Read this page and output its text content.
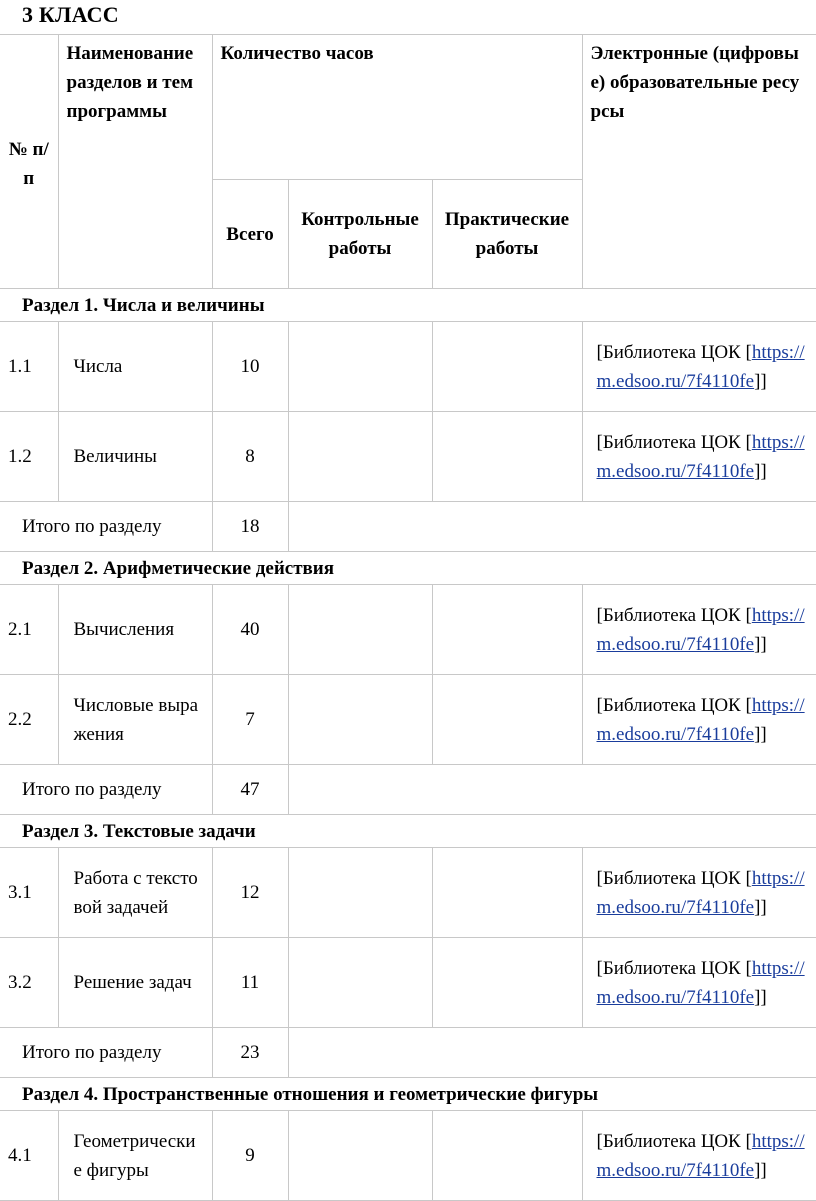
3 КЛАСС
№ п/п	Наименование разделов и тем программы	Количество часов			Электронные (цифровые) образовательные ресурсы
		Всего	Контрольные работы	Практические работы	
Раздел 1. Числа и величины					
1.1	Числа	10			[Библиотека ЦОК [https://m.edsoo.ru/7f4110fe]]
1.2	Величины	8			[Библиотека ЦОК [https://m.edsoo.ru/7f4110fe]]
Итого по разделу		18			
Раздел 2. Арифметические действия					
2.1	Вычисления	40			[Библиотека ЦОК [https://m.edsoo.ru/7f4110fe]]
2.2	Числовые выражения	7			[Библиотека ЦОК [https://m.edsoo.ru/7f4110fe]]
Итого по разделу		47			
Раздел 3. Текстовые задачи					
3.1	Работа с текстовой задачей	12			[Библиотека ЦОК [https://m.edsoo.ru/7f4110fe]]
3.2	Решение задач	11			[Библиотека ЦОК [https://m.edsoo.ru/7f4110fe]]
Итого по разделу		23			
Раздел 4. Пространственные отношения и геометрические фигуры					
4.1	Геометрические фигуры	9			[Библиотека ЦОК [https://m.edsoo.ru/7f4110fe]]
